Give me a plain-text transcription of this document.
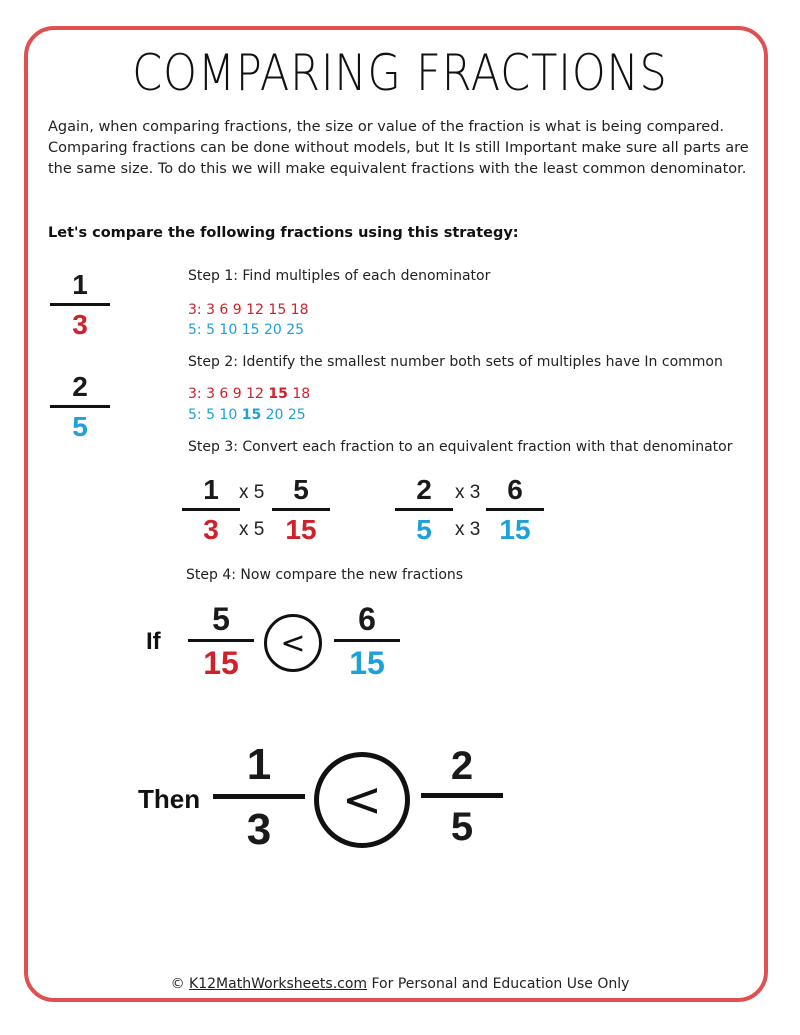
COMPARING FRACTIONS
Again, when comparing fractions, the size or value of the fraction is what is being compared. Comparing fractions can be done without models, but It Is still Important make sure all parts are the same size. To do this we will make equivalent fractions with the least common denominator.
Let's compare the following fractions using this strategy:
1
3
2
5
Step 1: Find multiples of each denominator
3: 3 6 9 12 15 18
5: 5 10 15 20 25
Step 2: Identify the smallest number both sets of multiples have In common
3: 3 6 9 12 15 18
5: 5 10 15 20 25
Step 3: Convert each fraction to an equivalent fraction with that denominator
1
3
x 5
x 5
5
15
2
5
x 3
x 3
6
15
Step 4: Now compare the new fractions
If
5
15
<
6
15
Then
1
3
<
2
5
© K12MathWorksheets.com For Personal and Education Use Only
